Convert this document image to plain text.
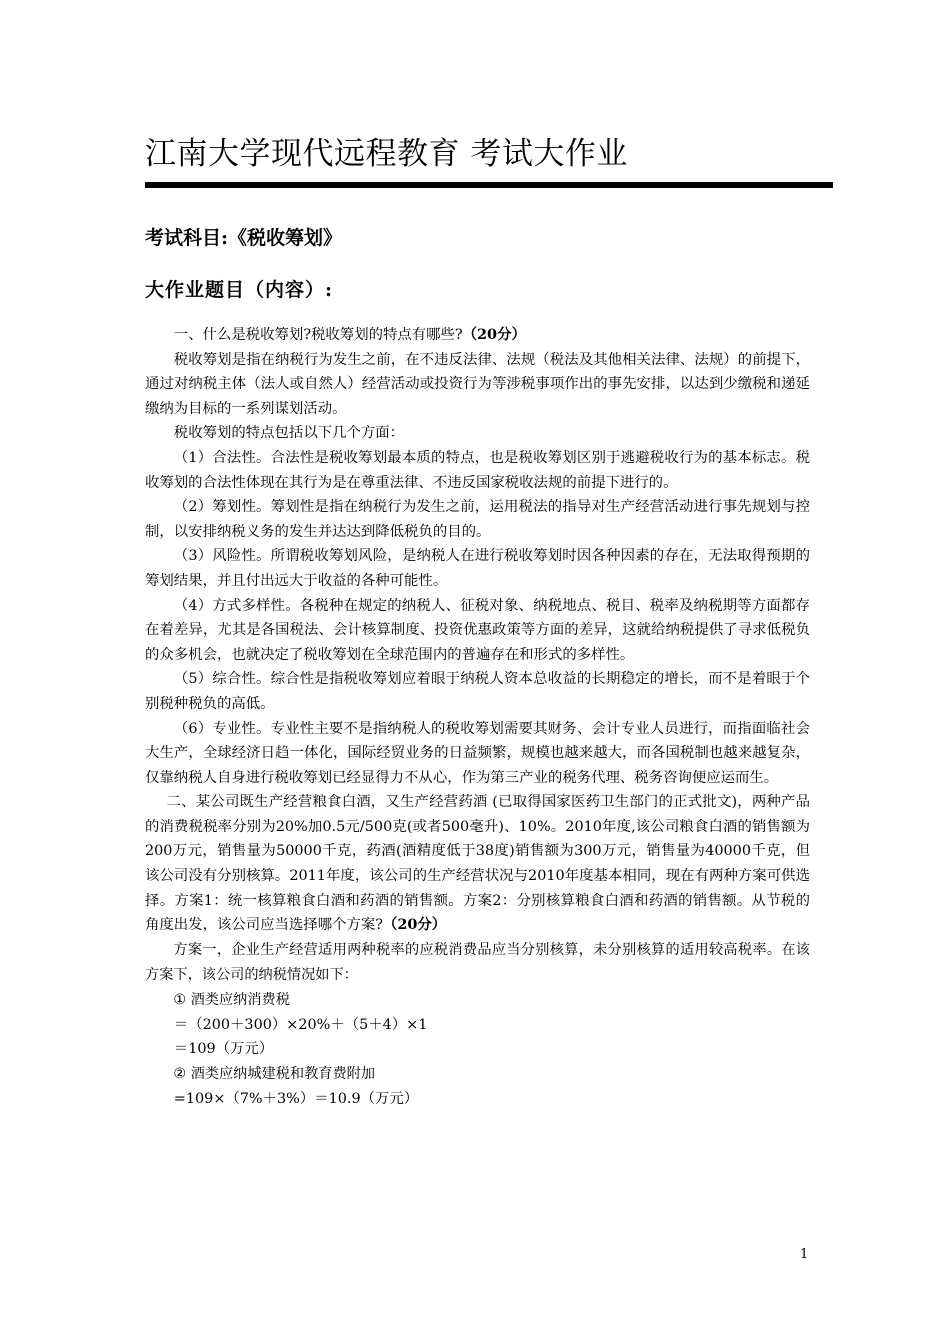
江南大学现代远程教育 考试大作业
考试科目:《税收筹划》
大作业题目（内容）:

一、什么是税收筹划?税收筹划的特点有哪些?（20分）

税收筹划是指在纳税行为发生之前，在不违反法律、法规（税法及其他相关法律、法规）的前提下，通过对纳税主体（法人或自然人）经营活动或投资行为等涉税事项作出的事先安排，以达到少缴税和递延缴纳为目标的一系列谋划活动。

税收筹划的特点包括以下几个方面：

（1）合法性。合法性是税收筹划最本质的特点，也是税收筹划区别于逃避税收行为的基本标志。税收筹划的合法性体现在其行为是在尊重法律、不违反国家税收法规的前提下进行的。

（2）筹划性。筹划性是指在纳税行为发生之前，运用税法的指导对生产经营活动进行事先规划与控制，以安排纳税义务的发生并达达到降低税负的目的。

（3）风险性。所谓税收筹划风险，是纳税人在进行税收筹划时因各种因素的存在，无法取得预期的筹划结果，并且付出远大于收益的各种可能性。

（4）方式多样性。各税种在规定的纳税人、征税对象、纳税地点、税目、税率及纳税期等方面都存在着差异，尤其是各国税法、会计核算制度、投资优惠政策等方面的差异，这就给纳税提供了寻求低税负的众多机会，也就决定了税收筹划在全球范围内的普遍存在和形式的多样性。

（5）综合性。综合性是指税收筹划应着眼于纳税人资本总收益的长期稳定的增长，而不是着眼于个别税种税负的高低。

（6）专业性。专业性主要不是指纳税人的税收筹划需要其财务、会计专业人员进行，而指面临社会大生产，全球经济日趋一体化，国际经贸业务的日益频繁，规模也越来越大，而各国税制也越来越复杂，仅靠纳税人自身进行税收筹划已经显得力不从心，作为第三产业的税务代理、税务咨询便应运而生。

二、某公司既生产经营粮食白酒，又生产经营药酒 (已取得国家医药卫生部门的正式批文)，两种产品的消费税税率分别为20%加0.5元/500克(或者500毫升)、10%。2010年度,该公司粮食白酒的销售额为200万元，销售量为50000千克，药酒(酒精度低于38度)销售额为300万元，销售量为40000千克，但该公司没有分别核算。2011年度，该公司的生产经营状况与2010年度基本相同，现在有两种方案可供选择。方案1：统一核算粮食白酒和药酒的销售额。方案2：分别核算粮食白酒和药酒的销售额。从节税的角度出发，该公司应当选择哪个方案?（20分）

方案一，企业生产经营适用两种税率的应税消费品应当分别核算，未分别核算的适用较高税率。在该方案下，该公司的纳税情况如下：

① 酒类应纳消费税

＝（200＋300）×20%＋（5＋4）×1

＝109（万元）

② 酒类应纳城建税和教育费附加

=109×（7%＋3%）＝10.9（万元）

1
